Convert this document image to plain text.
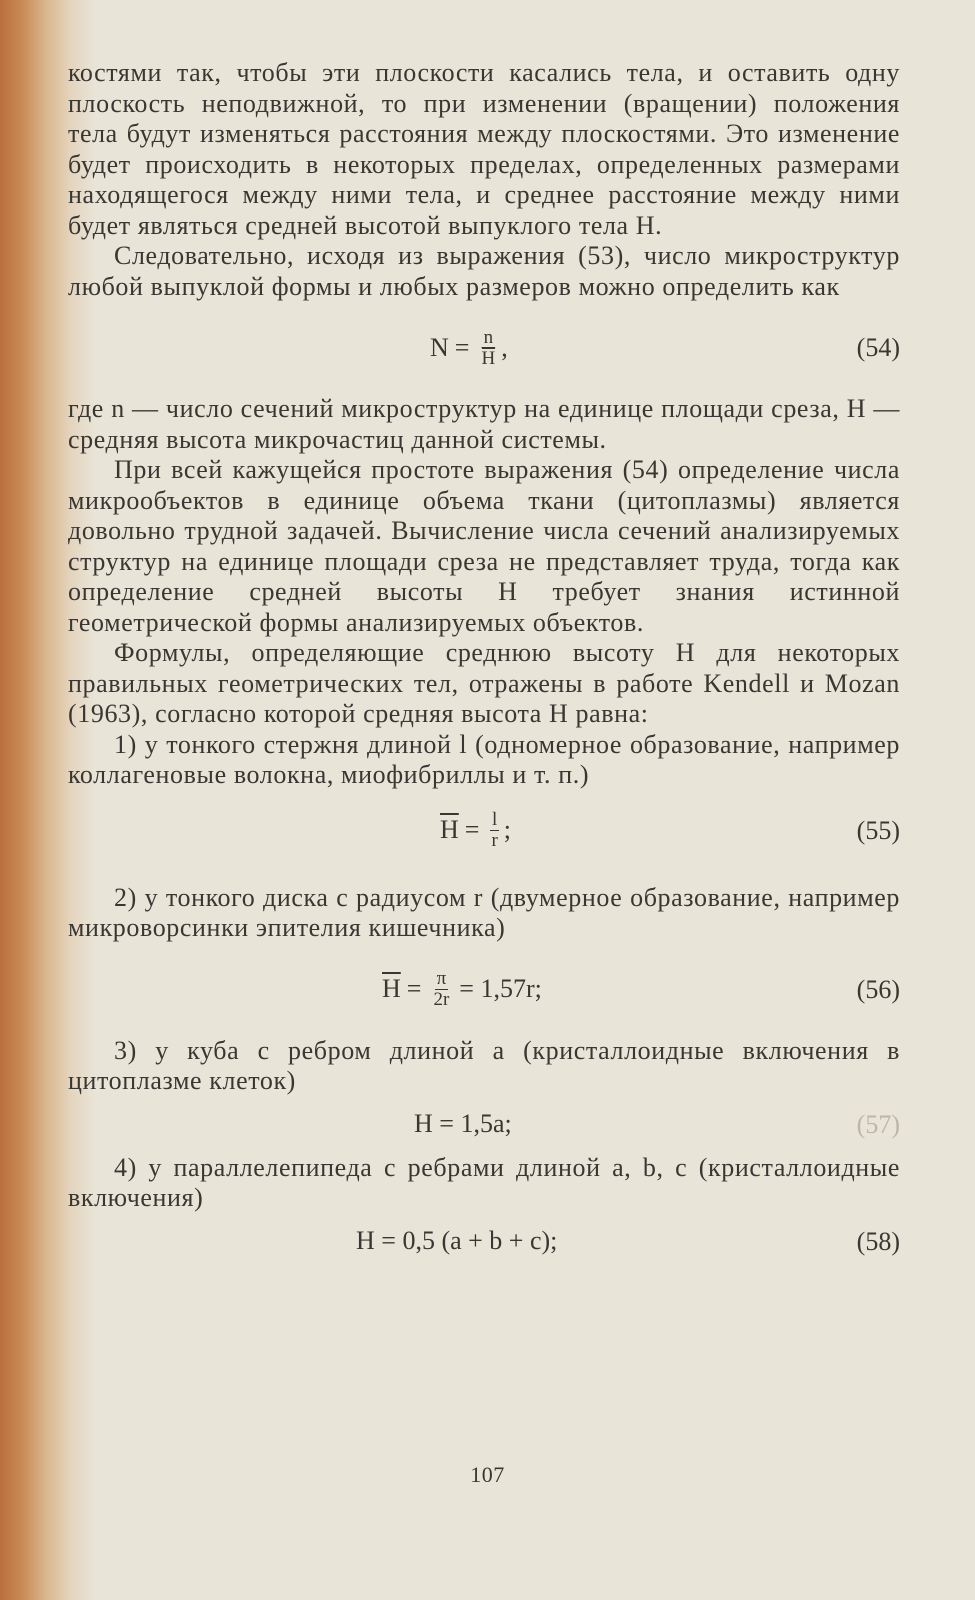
костями так, чтобы эти плоскости касались тела, и оставить одну плоскость неподвижной, то при изменении (вращении) положения тела будут изменяться расстояния между плоскостями. Это изменение будет происходить в некоторых пределах, определенных размерами находящегося между ними тела, и среднее расстояние между ними будет являться средней высотой выпуклого тела H.

Следовательно, исходя из выражения (53), число микроструктур любой выпуклой формы и любых размеров можно определить как

$N = \frac{n}{H}$ ,	(54)

где n — число сечений микроструктур на единице площади среза, H — средняя высота микрочастиц данной системы.

При всей кажущейся простоте выражения (54) определение числа микрообъектов в единице объема ткани (цитоплазмы) является довольно трудной задачей. Вычисление числа сечений анализируемых структур на единице площади среза не представляет труда, тогда как определение средней высоты H требует знания истинной геометрической формы анализируемых объектов.

Формулы, определяющие среднюю высоту H для некоторых правильных геометрических тел, отражены в работе Kendell и Mozan (1963), согласно которой средняя высота H равна:

1) у тонкого стержня длиной l (одномерное образование, например коллагеновые волокна, миофибриллы и т. п.)

$\overline{H} = \frac{l}{r}$ ;	(55)

2) у тонкого диска с радиусом r (двумерное образование, например микроворсинки эпителия кишечника)

$\overline{H} = \frac{\pi}{2r} = 1,57r$;	(56)

3) у куба с ребром длиной a (кристаллоидные включения в цитоплазме клеток)

H = 1,5a;	(57)

4) у параллелепипеда с ребрами длиной a, b, c (кристаллоидные включения)

H = 0,5 (a + b + c);	(58)
107
